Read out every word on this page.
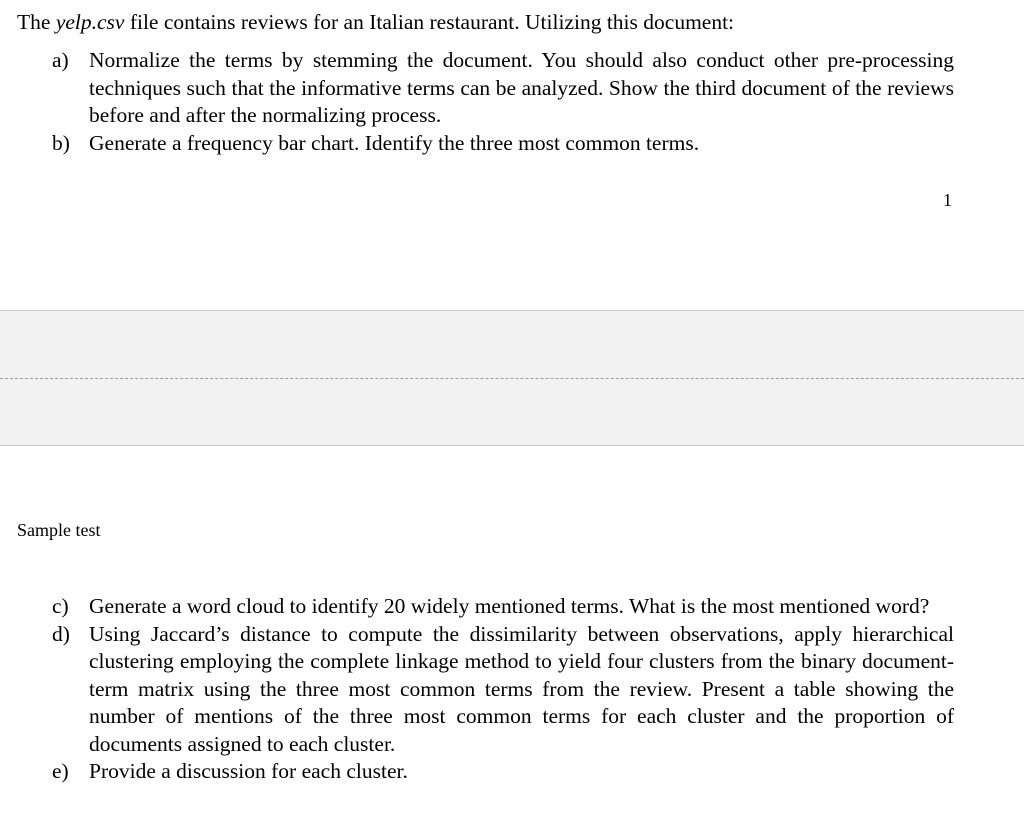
The yelp.csv file contains reviews for an Italian restaurant. Utilizing this document:
a) Normalize the terms by stemming the document. You should also conduct other pre-processing techniques such that the informative terms can be analyzed. Show the third document of the reviews before and after the normalizing process.
b) Generate a frequency bar chart. Identify the three most common terms.
1
Sample test
c) Generate a word cloud to identify 20 widely mentioned terms. What is the most mentioned word?
d) Using Jaccard’s distance to compute the dissimilarity between observations, apply hierarchical clustering employing the complete linkage method to yield four clusters from the binary document-term matrix using the three most common terms from the review. Present a table showing the number of mentions of the three most common terms for each cluster and the proportion of documents assigned to each cluster.
e) Provide a discussion for each cluster.
